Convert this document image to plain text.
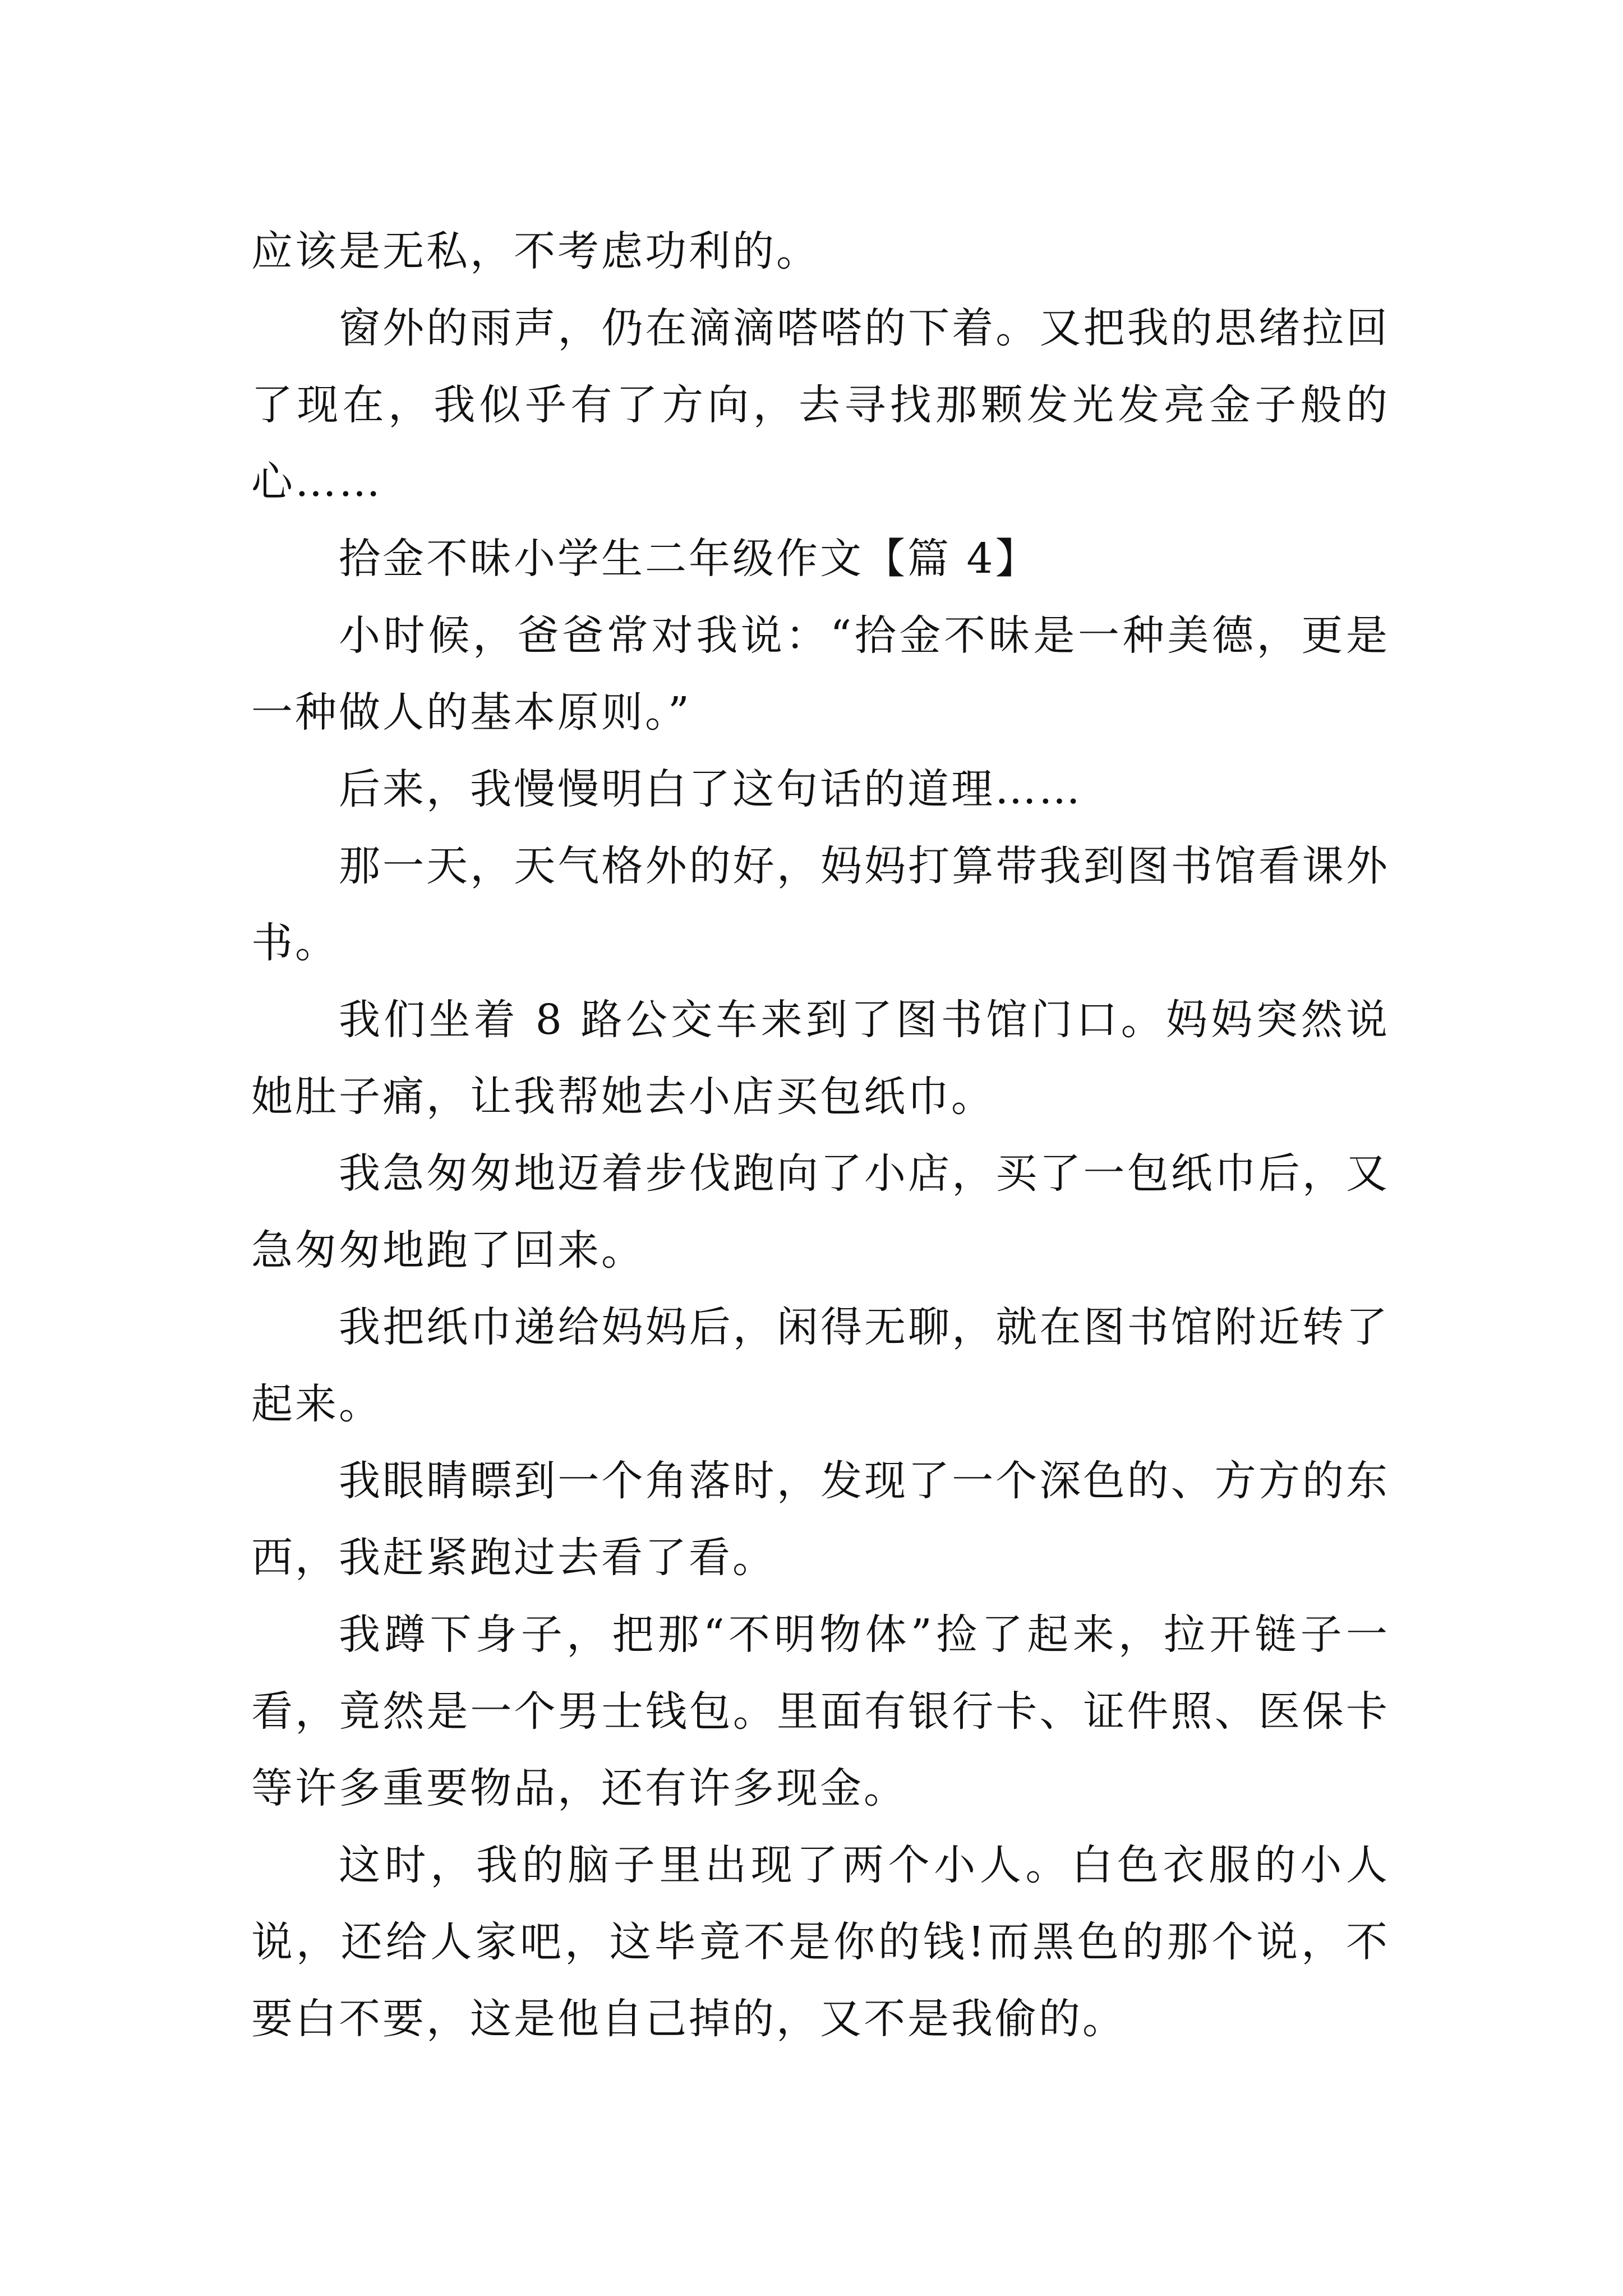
应该是无私，不考虑功利的。

窗外的雨声，仍在滴滴嗒嗒的下着。又把我的思绪拉回了现在，我似乎有了方向，去寻找那颗发光发亮金子般的心……

拾金不昧小学生二年级作文【篇 4】

小时候，爸爸常对我说：“拾金不昧是一种美德，更是一种做人的基本原则。”

后来，我慢慢明白了这句话的道理……

那一天，天气格外的好，妈妈打算带我到图书馆看课外书。

我们坐着 8 路公交车来到了图书馆门口。妈妈突然说她肚子痛，让我帮她去小店买包纸巾。

我急匆匆地迈着步伐跑向了小店，买了一包纸巾后，又急匆匆地跑了回来。

我把纸巾递给妈妈后，闲得无聊，就在图书馆附近转了起来。

我眼睛瞟到一个角落时，发现了一个深色的、方方的东西，我赶紧跑过去看了看。

我蹲下身子，把那“不明物体”捡了起来，拉开链子一看，竟然是一个男士钱包。里面有银行卡、证件照、医保卡等许多重要物品，还有许多现金。

这时，我的脑子里出现了两个小人。白色衣服的小人说，还给人家吧，这毕竟不是你的钱!而黑色的那个说，不要白不要，这是他自己掉的，又不是我偷的。
